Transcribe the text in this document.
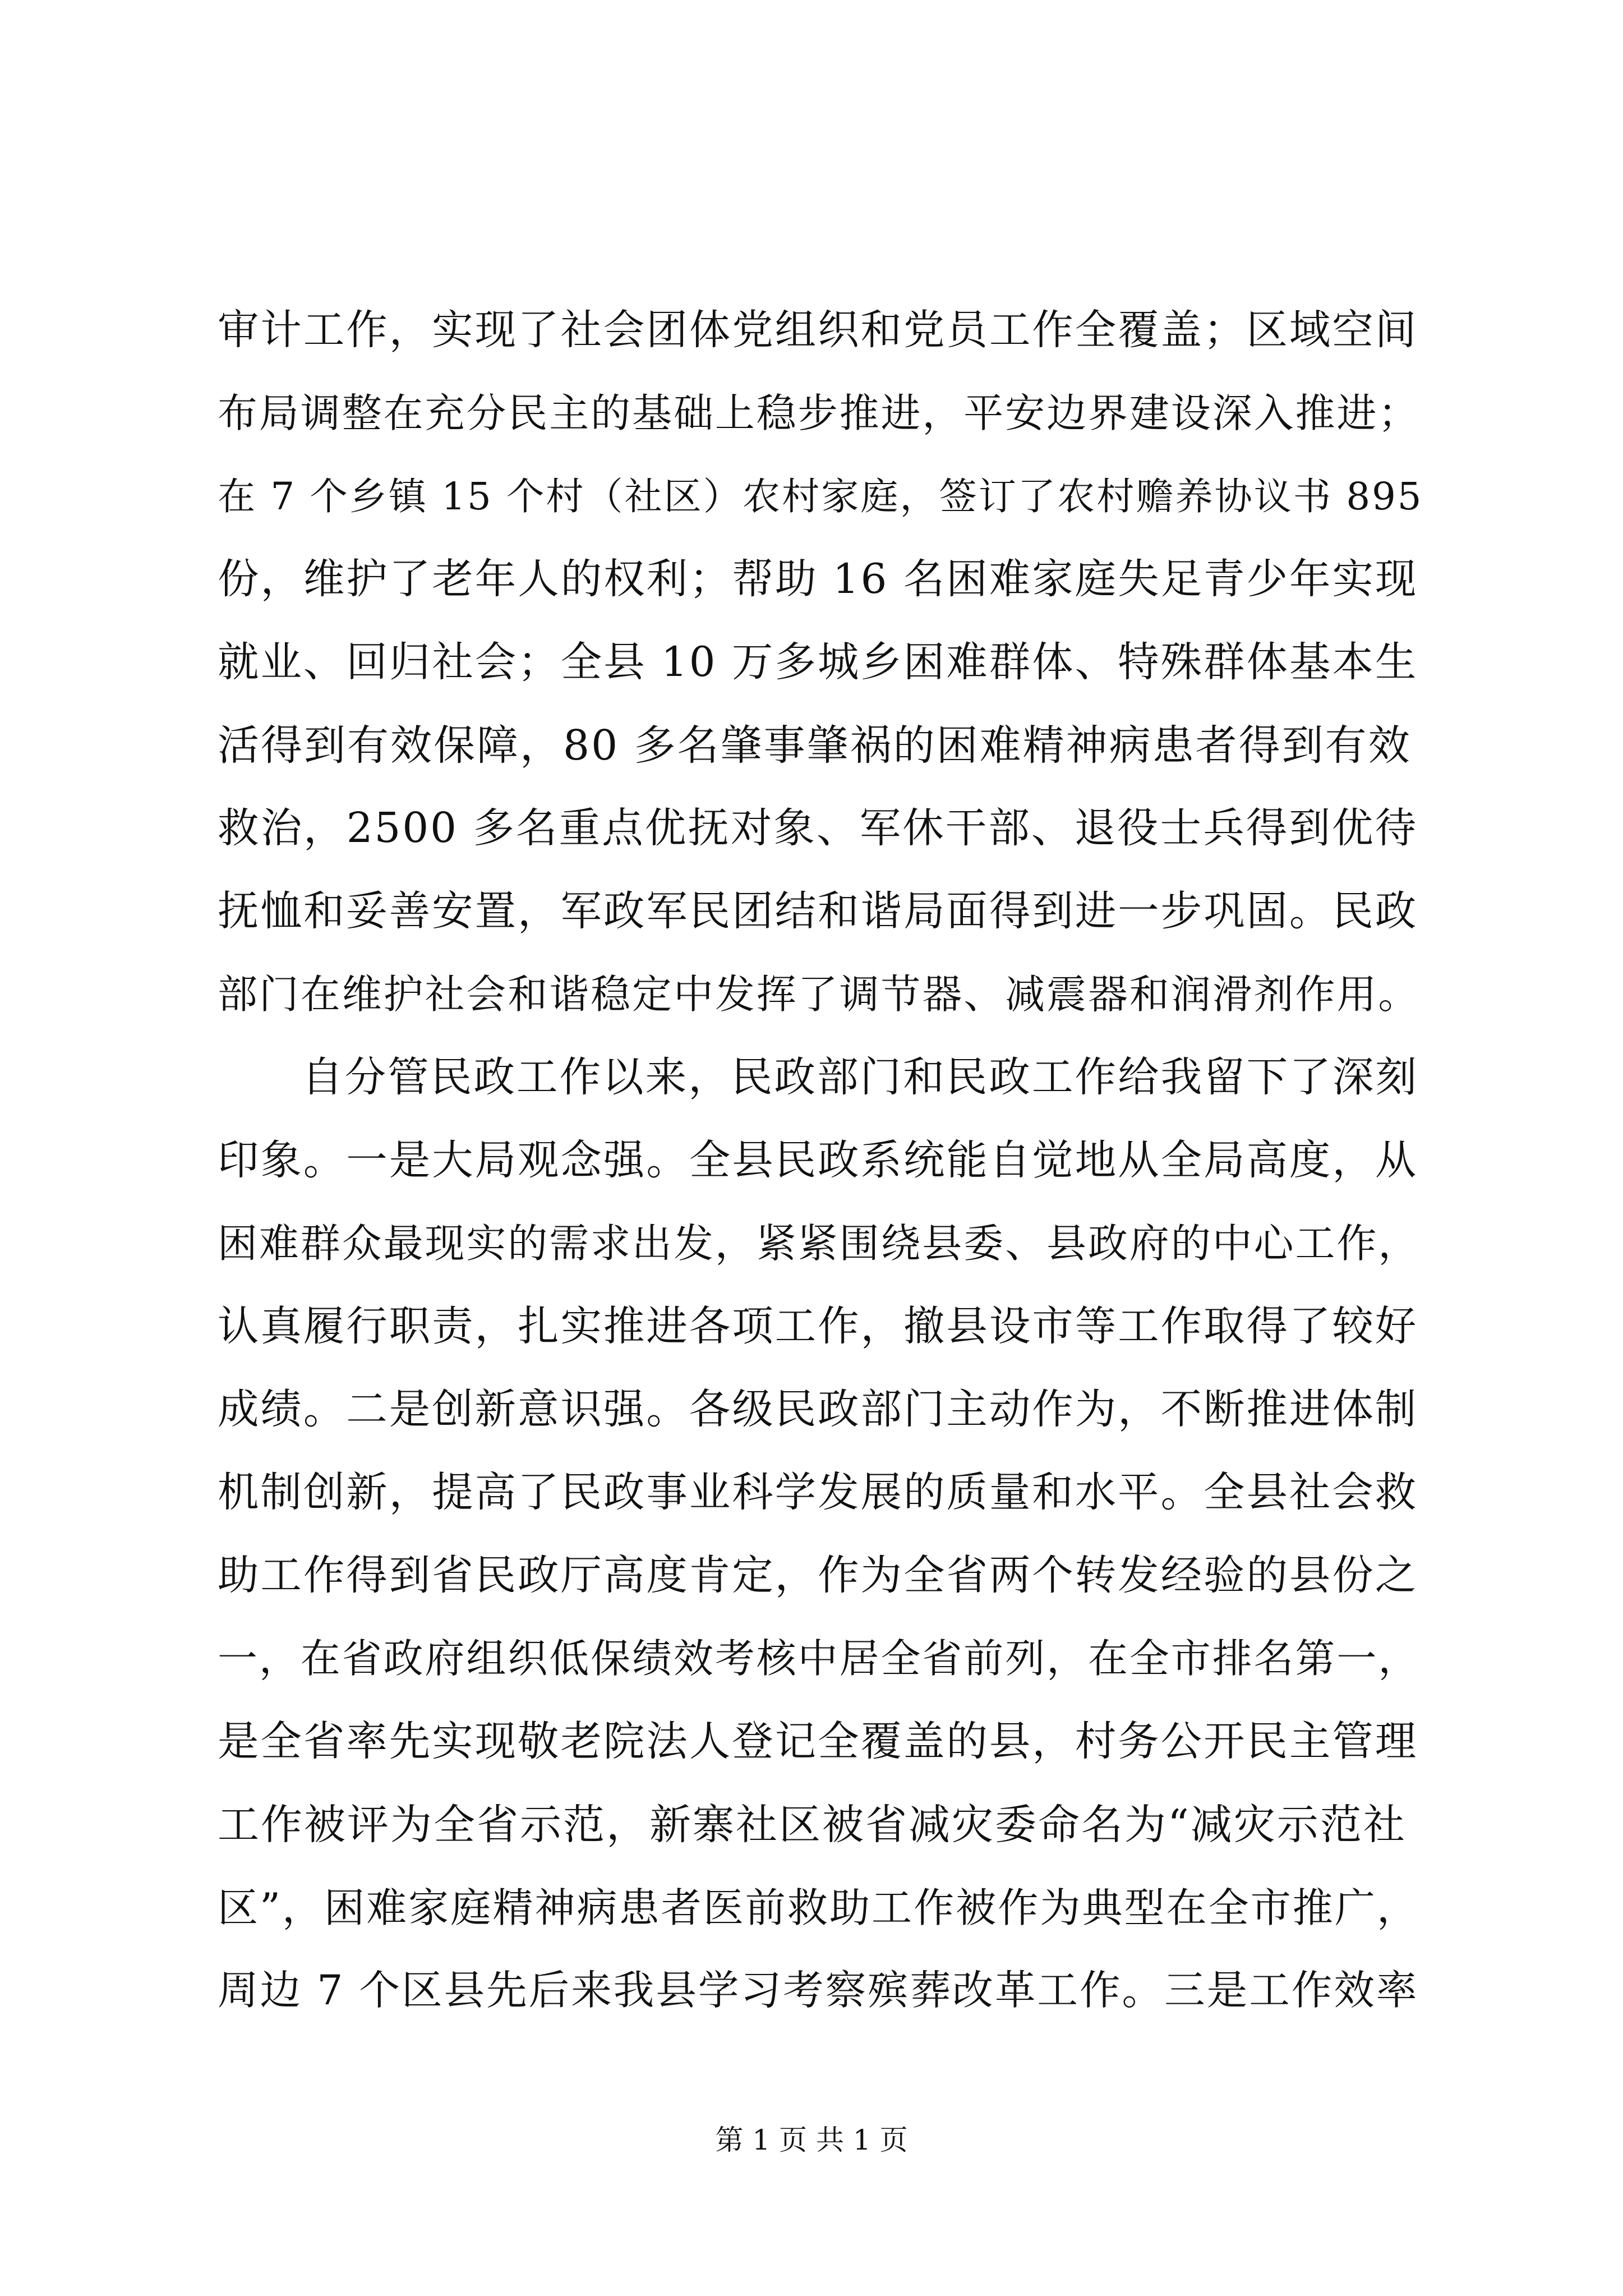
审计工作，实现了社会团体党组织和党员工作全覆盖；区域空间
布局调整在充分民主的基础上稳步推进，平安边界建设深入推进；
在 7 个乡镇 15 个村（社区）农村家庭，签订了农村赡养协议书 895
份，维护了老年人的权利；帮助 16 名困难家庭失足青少年实现
就业、回归社会；全县 10 万多城乡困难群体、特殊群体基本生
活得到有效保障，80 多名肇事肇祸的困难精神病患者得到有效
救治，2500 多名重点优抚对象、军休干部、退役士兵得到优待
抚恤和妥善安置，军政军民团结和谐局面得到进一步巩固。民政
部门在维护社会和谐稳定中发挥了调节器、减震器和润滑剂作用。
自分管民政工作以来，民政部门和民政工作给我留下了深刻
印象。一是大局观念强。全县民政系统能自觉地从全局高度，从
困难群众最现实的需求出发，紧紧围绕县委、县政府的中心工作，
认真履行职责，扎实推进各项工作，撤县设市等工作取得了较好
成绩。二是创新意识强。各级民政部门主动作为，不断推进体制
机制创新，提高了民政事业科学发展的质量和水平。全县社会救
助工作得到省民政厅高度肯定，作为全省两个转发经验的县份之
一，在省政府组织低保绩效考核中居全省前列，在全市排名第一，
是全省率先实现敬老院法人登记全覆盖的县，村务公开民主管理
工作被评为全省示范，新寨社区被省减灾委命名为“减灾示范社
区”，困难家庭精神病患者医前救助工作被作为典型在全市推广，
周边 7 个区县先后来我县学习考察殡葬改革工作。三是工作效率
第 1 页 共 1 页
